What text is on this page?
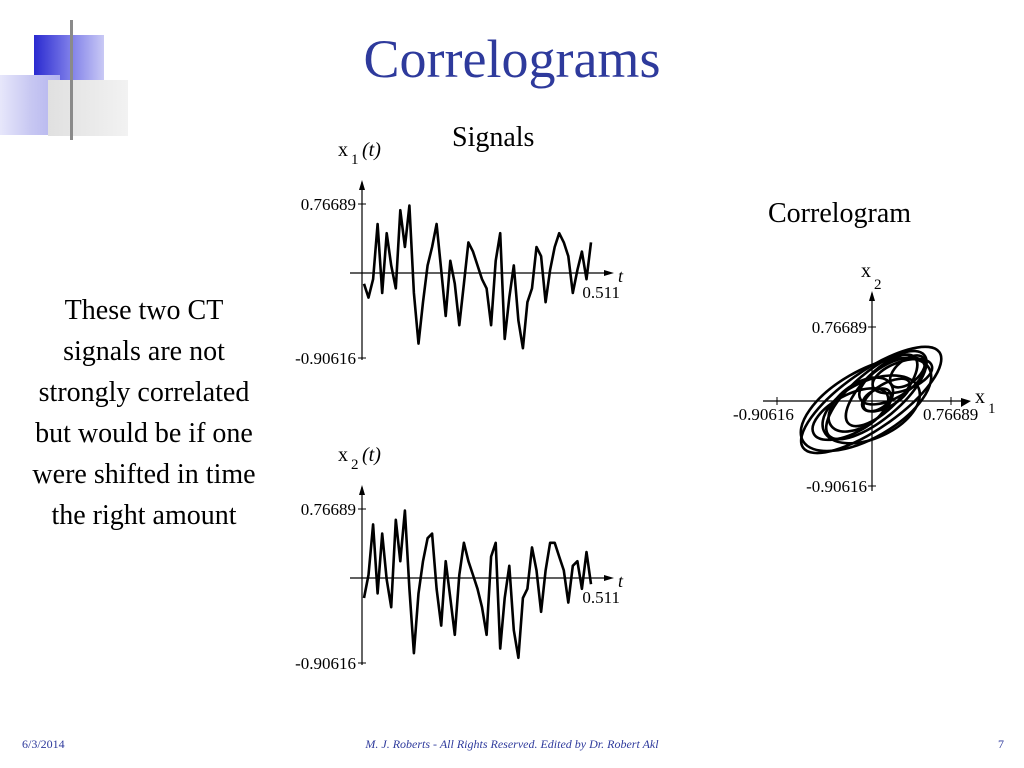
Correlograms
Signals
Correlogram
These two CT signals are not strongly correlated but would be if one were shifted in time the right amount
x 1 (t)
t
0.76689
-0.90616
0.511
x 2 (t)
t
0.76689
-0.90616
0.511
x
2
x
1
0.76689
-0.90616
-0.90616	0.76689
6/3/2014	M. J. Roberts - All Rights Reserved. Edited by Dr. Robert Akl	7
